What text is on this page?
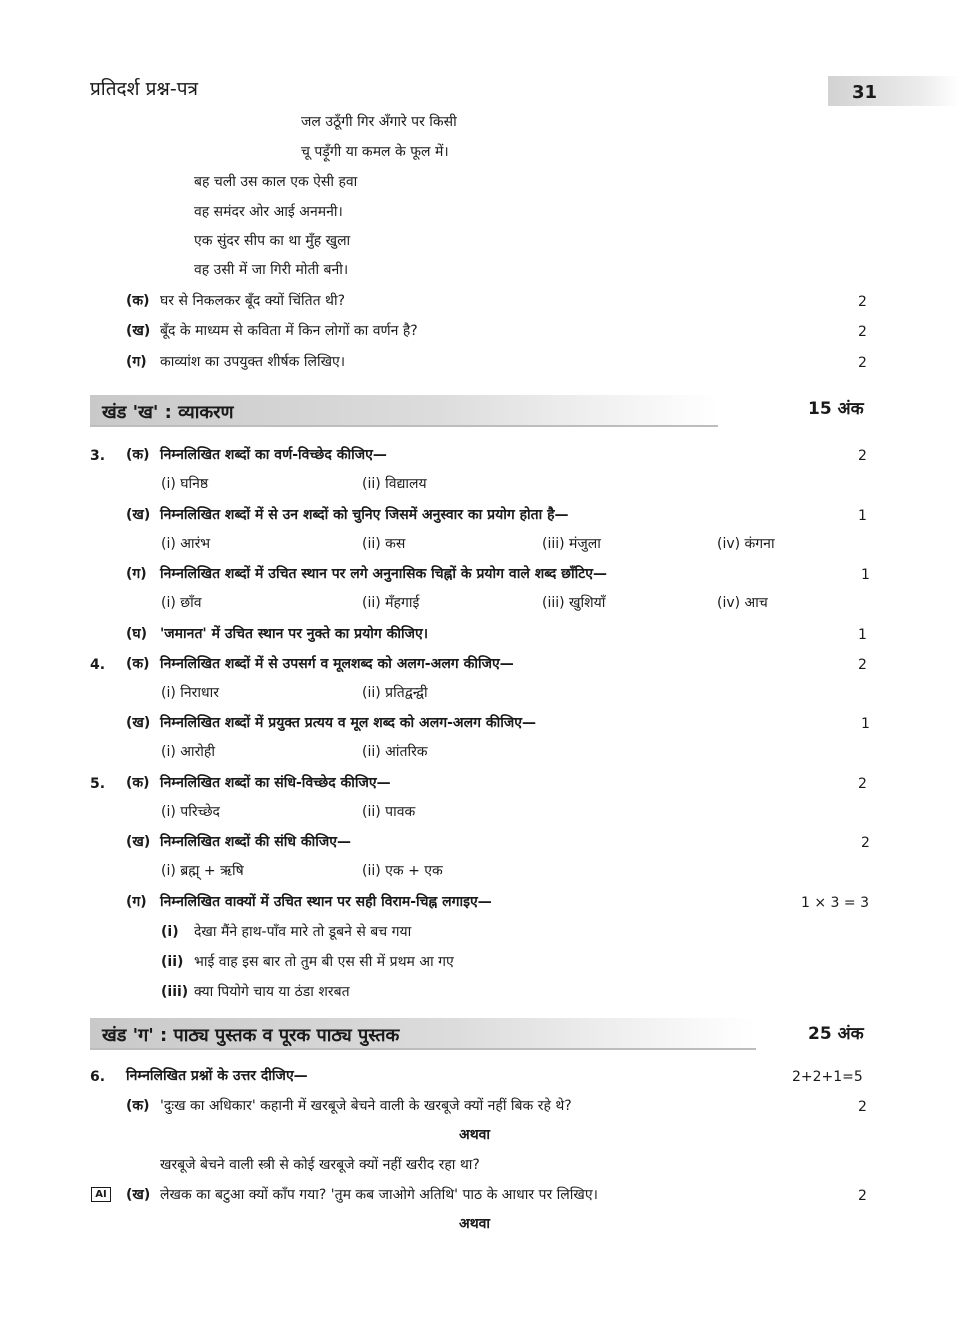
प्रतिदर्श प्रश्न-पत्र	31
जल उठूँगी गिर अँगारे पर किसी
चू पड़ूँगी या कमल के फूल में।
बह चली उस काल एक ऐसी हवा
वह समंदर ओर आई अनमनी।
एक सुंदर सीप का था मुँह खुला
वह उसी में जा गिरी मोती बनी।
(क) घर से निकलकर बूँद क्यों चिंतित थी?	2
(ख) बूँद के माध्यम से कविता में किन लोगों का वर्णन है?	2
(ग) काव्यांश का उपयुक्त शीर्षक लिखिए।	2
खंड 'ख' : व्याकरण	15 अंक
3. (क) निम्नलिखित शब्दों का वर्ण-विच्छेद कीजिए—	2
(i) घनिष्ठ	(ii) विद्यालय
(ख) निम्नलिखित शब्दों में से उन शब्दों को चुनिए जिसमें अनुस्वार का प्रयोग होता है—	1
(i) आरंभ	(ii) कस	(iii) मंजुला	(iv) कंगना
(ग) निम्नलिखित शब्दों में उचित स्थान पर लगे अनुनासिक चिह्नों के प्रयोग वाले शब्द छाँटिए—	1
(i) छाँव	(ii) मँहगाई	(iii) खुशियाँ	(iv) आच
(घ) 'जमानत' में उचित स्थान पर नुक्ते का प्रयोग कीजिए।	1
4. (क) निम्नलिखित शब्दों में से उपसर्ग व मूलशब्द को अलग-अलग कीजिए—	2
(i) निराधार	(ii) प्रतिद्वन्द्वी
(ख) निम्नलिखित शब्दों में प्रयुक्त प्रत्यय व मूल शब्द को अलग-अलग कीजिए—	1
(i) आरोही	(ii) आंतरिक
5. (क) निम्नलिखित शब्दों का संधि-विच्छेद कीजिए—	2
(i) परिच्छेद	(ii) पावक
(ख) निम्नलिखित शब्दों की संधि कीजिए—	2
(i) ब्रह्म् + ऋषि	(ii) एक + एक
(ग) निम्नलिखित वाक्यों में उचित स्थान पर सही विराम-चिह्न लगाइए—	1 × 3 = 3
(i) देखा मैंने हाथ-पाँव मारे तो डूबने से बच गया
(ii) भाई वाह इस बार तो तुम बी एस सी में प्रथम आ गए
(iii) क्या पियोगे चाय या ठंडा शरबत
खंड 'ग' : पाठ्य पुस्तक व पूरक पाठ्य पुस्तक	25 अंक
6. निम्नलिखित प्रश्नों के उत्तर दीजिए—	2+2+1=5
(क) 'दुःख का अधिकार' कहानी में खरबूजे बेचने वाली के खरबूजे क्यों नहीं बिक रहे थे?	2
अथवा
खरबूजे बेचने वाली स्त्री से कोई खरबूजे क्यों नहीं खरीद रहा था?
AI	(ख) लेखक का बटुआ क्यों काँप गया? 'तुम कब जाओगे अतिथि' पाठ के आधार पर लिखिए।	2
अथवा
